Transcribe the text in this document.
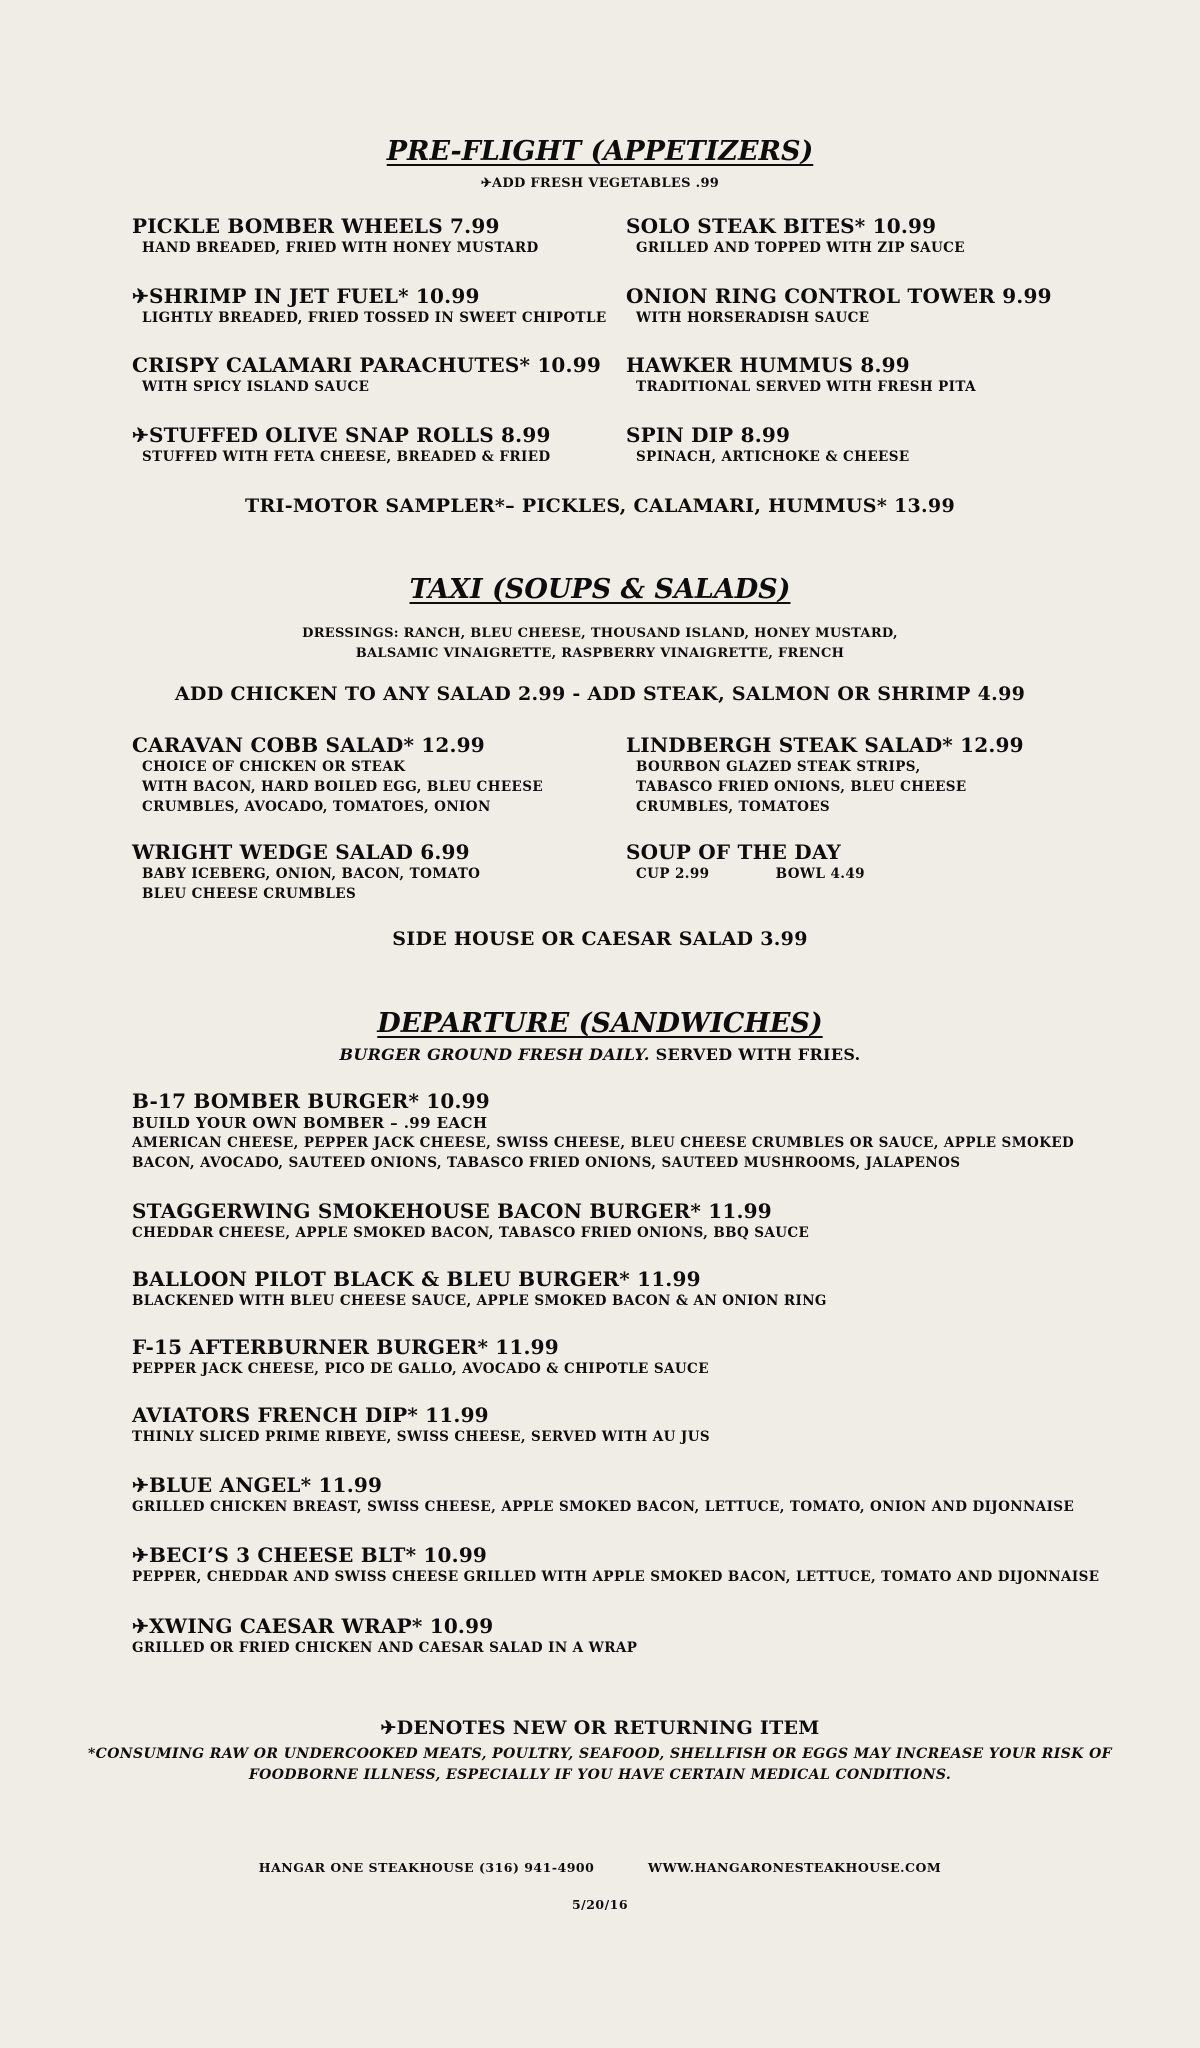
PRE-FLIGHT (APPETIZERS)

✈ADD FRESH VEGETABLES .99

PICKLE BOMBER WHEELS 7.99
HAND BREADED, FRIED WITH HONEY MUSTARD
SOLO STEAK BITES* 10.99
GRILLED AND TOPPED WITH ZIP SAUCE
✈SHRIMP IN JET FUEL* 10.99
LIGHTLY BREADED, FRIED TOSSED IN SWEET CHIPOTLE
ONION RING CONTROL TOWER 9.99
WITH HORSERADISH SAUCE
CRISPY CALAMARI PARACHUTES* 10.99
WITH SPICY ISLAND SAUCE
HAWKER HUMMUS 8.99
TRADITIONAL SERVED WITH FRESH PITA
✈STUFFED OLIVE SNAP ROLLS 8.99
STUFFED WITH FETA CHEESE, BREADED & FRIED
SPIN DIP 8.99
SPINACH, ARTICHOKE & CHEESE

TRI-MOTOR SAMPLER*– PICKLES, CALAMARI, HUMMUS* 13.99

TAXI (SOUPS & SALADS)

DRESSINGS: RANCH, BLEU CHEESE, THOUSAND ISLAND, HONEY MUSTARD,

BALSAMIC VINAIGRETTE, RASPBERRY VINAIGRETTE, FRENCH

ADD CHICKEN TO ANY SALAD 2.99 - ADD STEAK, SALMON OR SHRIMP 4.99

CARAVAN COBB SALAD* 12.99
CHOICE OF CHICKEN OR STEAK
WITH BACON, HARD BOILED EGG, BLEU CHEESE
CRUMBLES, AVOCADO, TOMATOES, ONION
LINDBERGH STEAK SALAD* 12.99
BOURBON GLAZED STEAK STRIPS,
TABASCO FRIED ONIONS, BLEU CHEESE
CRUMBLES, TOMATOES
WRIGHT WEDGE SALAD 6.99
BABY ICEBERG, ONION, BACON, TOMATO
BLEU CHEESE CRUMBLES
SOUP OF THE DAY
CUP 2.99	BOWL 4.49

SIDE HOUSE OR CAESAR SALAD 3.99

DEPARTURE (SANDWICHES)

BURGER GROUND FRESH DAILY. SERVED WITH FRIES.

B-17 BOMBER BURGER* 10.99
BUILD YOUR OWN BOMBER – .99 EACH
AMERICAN CHEESE, PEPPER JACK CHEESE, SWISS CHEESE, BLEU CHEESE CRUMBLES OR SAUCE, APPLE SMOKED
BACON, AVOCADO, SAUTEED ONIONS, TABASCO FRIED ONIONS, SAUTEED MUSHROOMS, JALAPENOS
STAGGERWING SMOKEHOUSE BACON BURGER* 11.99
CHEDDAR CHEESE, APPLE SMOKED BACON, TABASCO FRIED ONIONS, BBQ SAUCE
BALLOON PILOT BLACK & BLEU BURGER* 11.99
BLACKENED WITH BLEU CHEESE SAUCE, APPLE SMOKED BACON & AN ONION RING
F-15 AFTERBURNER BURGER* 11.99
PEPPER JACK CHEESE, PICO DE GALLO, AVOCADO & CHIPOTLE SAUCE
AVIATORS FRENCH DIP* 11.99
THINLY SLICED PRIME RIBEYE, SWISS CHEESE, SERVED WITH AU JUS
✈BLUE ANGEL* 11.99
GRILLED CHICKEN BREAST, SWISS CHEESE, APPLE SMOKED BACON, LETTUCE, TOMATO, ONION AND DIJONNAISE
✈BECI’S 3 CHEESE BLT* 10.99
PEPPER, CHEDDAR AND SWISS CHEESE GRILLED WITH APPLE SMOKED BACON, LETTUCE, TOMATO AND DIJONNAISE
✈XWING CAESAR WRAP* 10.99
GRILLED OR FRIED CHICKEN AND CAESAR SALAD IN A WRAP

✈DENOTES NEW OR RETURNING ITEM

*CONSUMING RAW OR UNDERCOOKED MEATS, POULTRY, SEAFOOD, SHELLFISH OR EGGS MAY INCREASE YOUR RISK OF

FOODBORNE ILLNESS, ESPECIALLY IF YOU HAVE CERTAIN MEDICAL CONDITIONS.

HANGAR ONE STEAKHOUSE (316) 941-4900	WWW.HANGARONESTEAKHOUSE.COM

5/20/16
